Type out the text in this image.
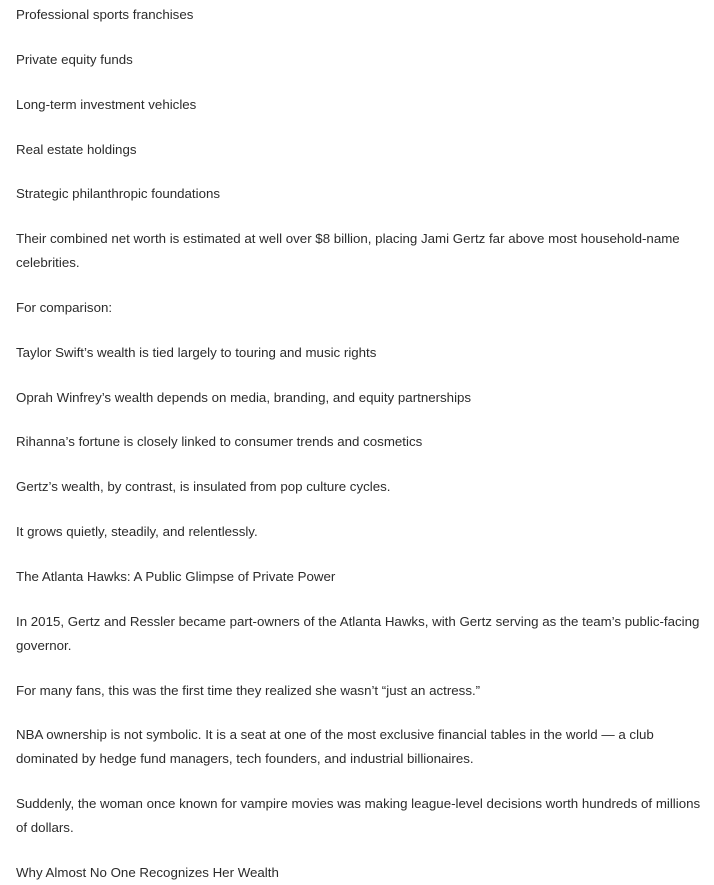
Professional sports franchises

Private equity funds

Long-term investment vehicles

Real estate holdings

Strategic philanthropic foundations

Their combined net worth is estimated at well over $8 billion, placing Jami Gertz far above most household-name celebrities.

For comparison:

Taylor Swift’s wealth is tied largely to touring and music rights

Oprah Winfrey’s wealth depends on media, branding, and equity partnerships

Rihanna’s fortune is closely linked to consumer trends and cosmetics

Gertz’s wealth, by contrast, is insulated from pop culture cycles.

It grows quietly, steadily, and relentlessly.

The Atlanta Hawks: A Public Glimpse of Private Power

In 2015, Gertz and Ressler became part-owners of the Atlanta Hawks, with Gertz serving as the team’s public-facing governor.

For many fans, this was the first time they realized she wasn’t “just an actress.”

NBA ownership is not symbolic. It is a seat at one of the most exclusive financial tables in the world — a club dominated by hedge fund managers, tech founders, and industrial billionaires.

Suddenly, the woman once known for vampire movies was making league-level decisions worth hundreds of millions of dollars.

Why Almost No One Recognizes Her Wealth
